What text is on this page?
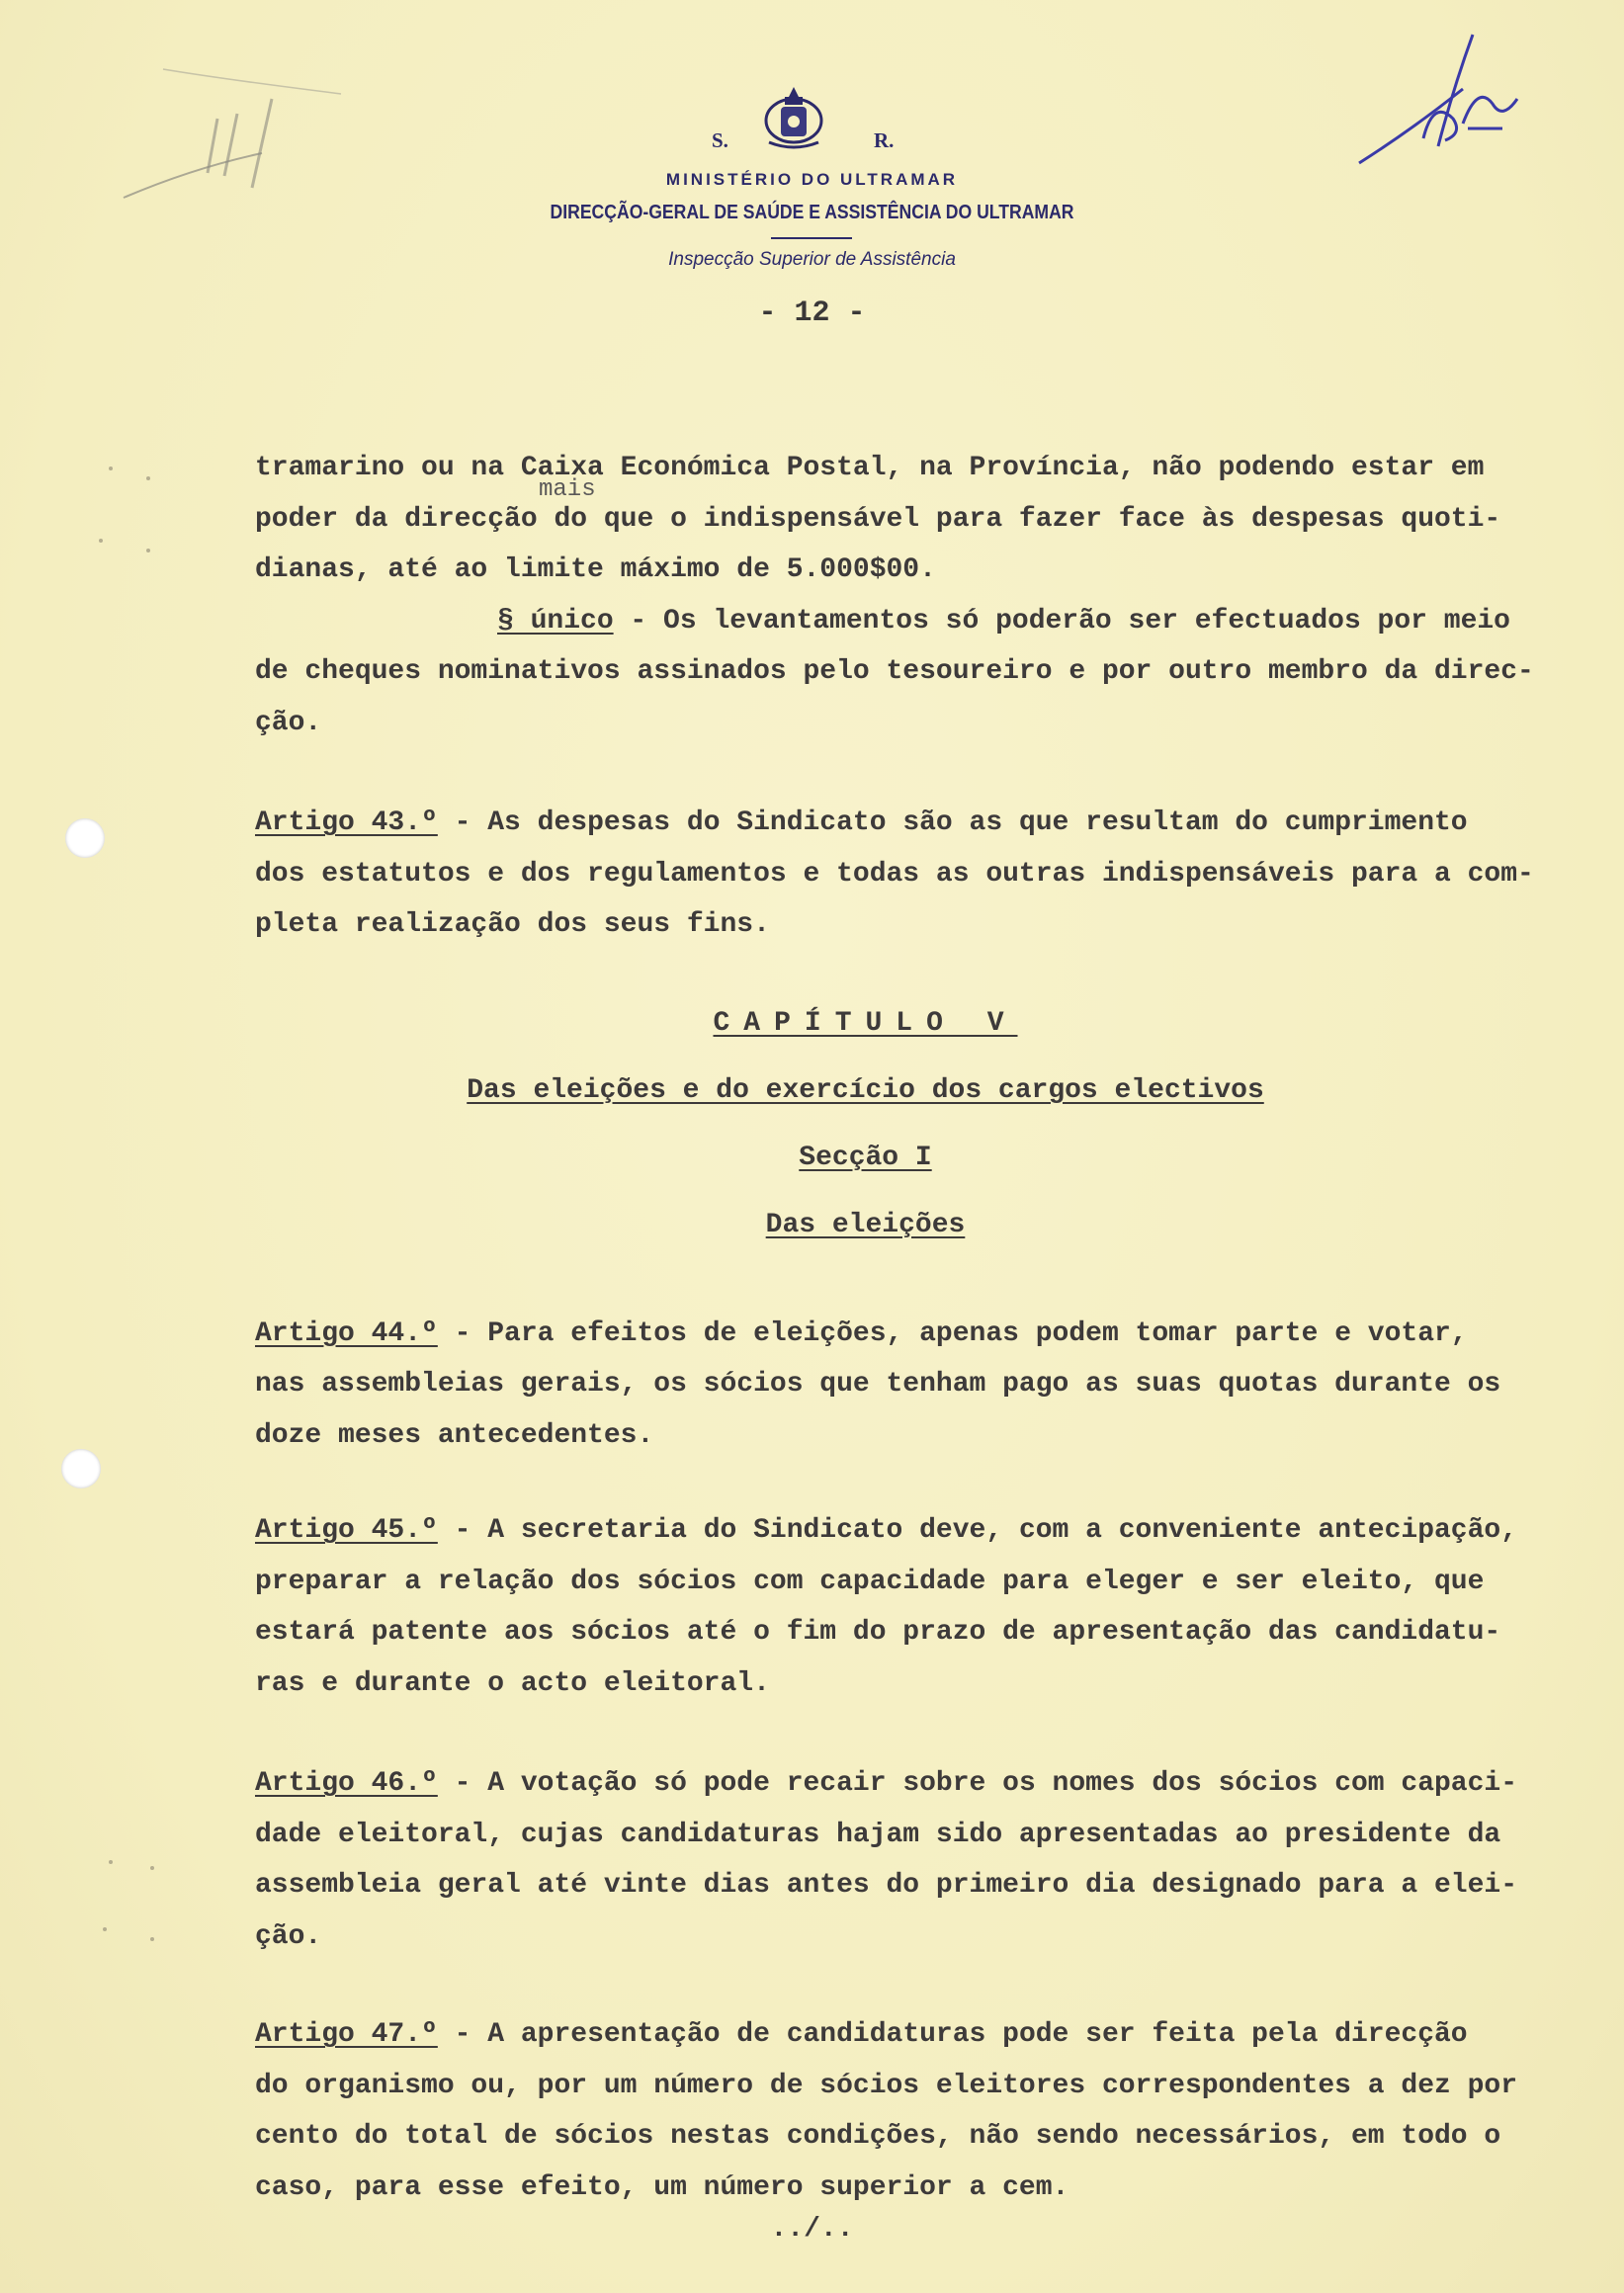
S.	R.
MINISTÉRIO DO ULTRAMAR
DIRECÇÃO-GERAL DE SAÚDE E ASSISTÊNCIA DO ULTRAMAR
Inspecção Superior de Assistência
- 12 -
mais
tramarino ou na Caixa Económica Postal, na Província, não podendo estar em
poder da direcção do que o indispensável para fazer face às despesas quoti-
dianas, até ao limite máximo de 5.000$00.
§ único - Os levantamentos só poderão ser efectuados por meio
de cheques nominativos assinados pelo tesoureiro e por outro membro da direc-
ção.
Artigo 43.º - As despesas do Sindicato são as que resultam do cumprimento
dos estatutos e dos regulamentos e todas as outras indispensáveis para a com-
pleta realização dos seus fins.
CAPÍTULO V
Das eleições e do exercício dos cargos electivos
Secção I
Das eleições
Artigo 44.º - Para efeitos de eleições, apenas podem tomar parte e votar,
nas assembleias gerais, os sócios que tenham pago as suas quotas durante os
doze meses antecedentes.
Artigo 45.º - A secretaria do Sindicato deve, com a conveniente antecipação,
preparar a relação dos sócios com capacidade para eleger e ser eleito, que
estará patente aos sócios até o fim do prazo de apresentação das candidatu-
ras e durante o acto eleitoral.
Artigo 46.º - A votação só pode recair sobre os nomes dos sócios com capaci-
dade eleitoral, cujas candidaturas hajam sido apresentadas ao presidente da
assembleia geral até vinte dias antes do primeiro dia designado para a elei-
ção.
Artigo 47.º - A apresentação de candidaturas pode ser feita pela direcção
do organismo ou, por um número de sócios eleitores correspondentes a dez por
cento do total de sócios nestas condições, não sendo necessários, em todo o
caso, para esse efeito, um número superior a cem.
../..
